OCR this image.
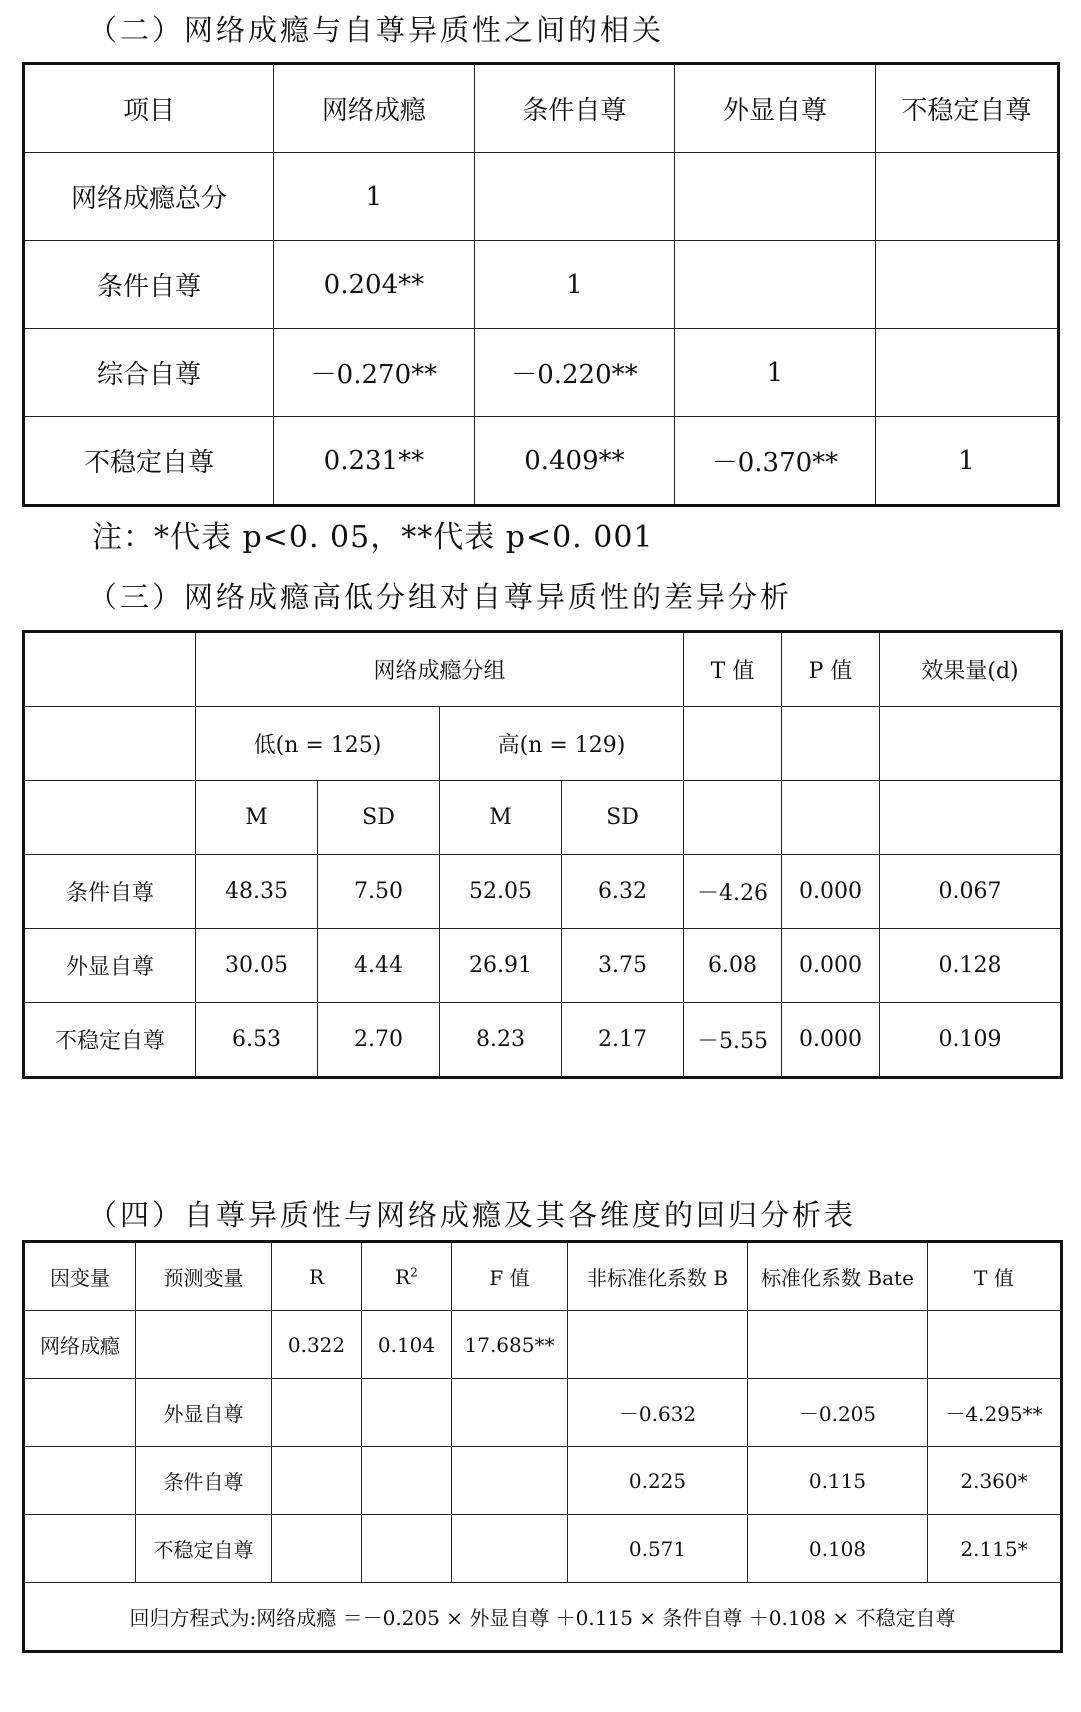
（二）网络成瘾与自尊异质性之间的相关
项目	网络成瘾	条件自尊	外显自尊	不稳定自尊
网络成瘾总分	1			
条件自尊	0.204**	1		
综合自尊	－0.270**	－0.220**	1	
不稳定自尊	0.231**	0.409**	－0.370**	1
注：*代表 p<0. 05，**代表 p<0. 001
（三）网络成瘾高低分组对自尊异质性的差异分析
	网络成瘾分组				T 值	P 值	效果量(d)
	低(n = 125)		高(n = 129)				
	M	SD	M	SD			
条件自尊	48.35	7.50	52.05	6.32	－4.26	0.000	0.067
外显自尊	30.05	4.44	26.91	3.75	6.08	0.000	0.128
不稳定自尊	6.53	2.70	8.23	2.17	－5.55	0.000	0.109
（四）自尊异质性与网络成瘾及其各维度的回归分析表
因变量	预测变量	R	$R^2$	F 值	非标准化系数 B	标准化系数 Bate	T 值
网络成瘾		0.322	0.104	17.685**			
	外显自尊				－0.632	－0.205	－4.295**
	条件自尊				0.225	0.115	2.360*
	不稳定自尊				0.571	0.108	2.115*
回归方程式为:网络成瘾 ＝－0.205 × 外显自尊 ＋0.115 × 条件自尊 ＋0.108 × 不稳定自尊							
